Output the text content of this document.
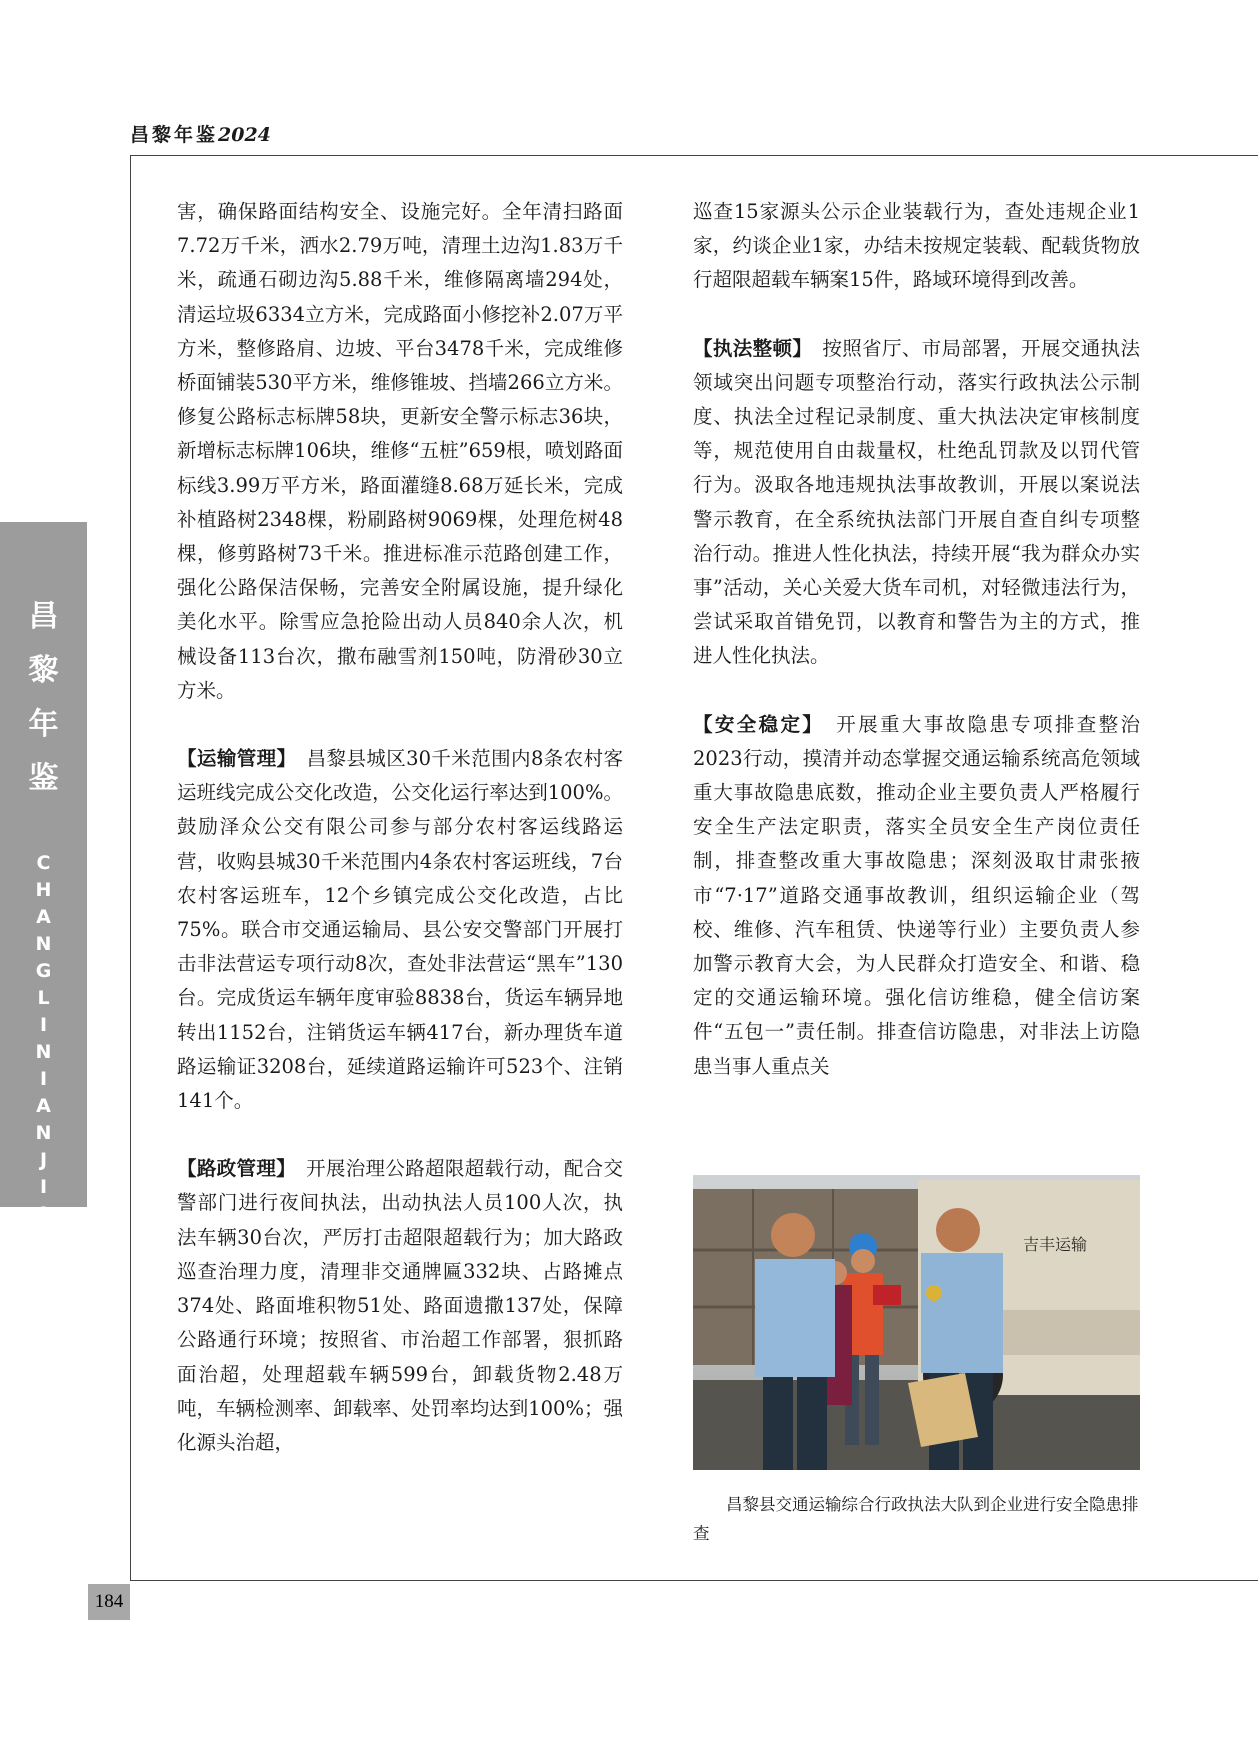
昌黎年鉴2024
昌
黎
年
鉴
C
H
A
N
G
L
I
N
I
A
N
J
I
A
N
184

害，确保路面结构安全、设施完好。全年清扫路面7.72万千米，洒水2.79万吨，清理土边沟1.83万千米，疏通石砌边沟5.88千米，维修隔离墙294处，清运垃圾6334立方米，完成路面小修挖补2.07万平方米，整修路肩、边坡、平台3478千米，完成维修桥面铺装530平方米，维修锥坡、挡墙266立方米。修复公路标志标牌58块，更新安全警示标志36块，新增标志标牌106块，维修“五桩”659根，喷划路面标线3.99万平方米，路面灌缝8.68万延长米，完成补植路树2348棵，粉刷路树9069棵，处理危树48棵，修剪路树73千米。推进标准示范路创建工作，强化公路保洁保畅，完善安全附属设施，提升绿化美化水平。除雪应急抢险出动人员840余人次，机械设备113台次，撒布融雪剂150吨，防滑砂30立方米。

【运输管理】  昌黎县城区30千米范围内8条农村客运班线完成公交化改造，公交化运行率达到100%。鼓励泽众公交有限公司参与部分农村客运线路运营，收购县城30千米范围内4条农村客运班线，7台农村客运班车，12个乡镇完成公交化改造，占比75%。联合市交通运输局、县公安交警部门开展打击非法营运专项行动8次，查处非法营运“黑车”130台。完成货运车辆年度审验8838台，货运车辆异地转出1152台，注销货运车辆417台，新办理货车道路运输证3208台，延续道路运输许可523个、注销141个。

【路政管理】  开展治理公路超限超载行动，配合交警部门进行夜间执法，出动执法人员100人次，执法车辆30台次，严厉打击超限超载行为；加大路政巡查治理力度，清理非交通牌匾332块、占路摊点374处、路面堆积物51处、路面遗撒137处，保障公路通行环境；按照省、市治超工作部署，狠抓路面治超，处理超载车辆599台，卸载货物2.48万吨，车辆检测率、卸载率、处罚率均达到100%；强化源头治超，

巡查15家源头公示企业装载行为，查处违规企业1家，约谈企业1家，办结未按规定装载、配载货物放行超限超载车辆案15件，路域环境得到改善。

【执法整顿】  按照省厅、市局部署，开展交通执法领域突出问题专项整治行动，落实行政执法公示制度、执法全过程记录制度、重大执法决定审核制度等，规范使用自由裁量权，杜绝乱罚款及以罚代管行为。汲取各地违规执法事故教训，开展以案说法警示教育，在全系统执法部门开展自查自纠专项整治行动。推进人性化执法，持续开展“我为群众办实事”活动，关心关爱大货车司机，对轻微违法行为，尝试采取首错免罚，以教育和警告为主的方式，推进人性化执法。

【安全稳定】  开展重大事故隐患专项排查整治2023行动，摸清并动态掌握交通运输系统高危领域重大事故隐患底数，推动企业主要负责人严格履行安全生产法定职责，落实全员安全生产岗位责任制，排查整改重大事故隐患；深刻汲取甘肃张掖市“7·17”道路交通事故教训，组织运输企业（驾校、维修、汽车租赁、快递等行业）主要负责人参加警示教育大会，为人民群众打造安全、和谐、稳定的交通运输环境。强化信访维稳，健全信访案件“五包一”责任制。排查信访隐患，对非法上访隐患当事人重点关

吉丰运输
昌黎县交通运输综合行政执法大队到企业进行安全隐患排查
